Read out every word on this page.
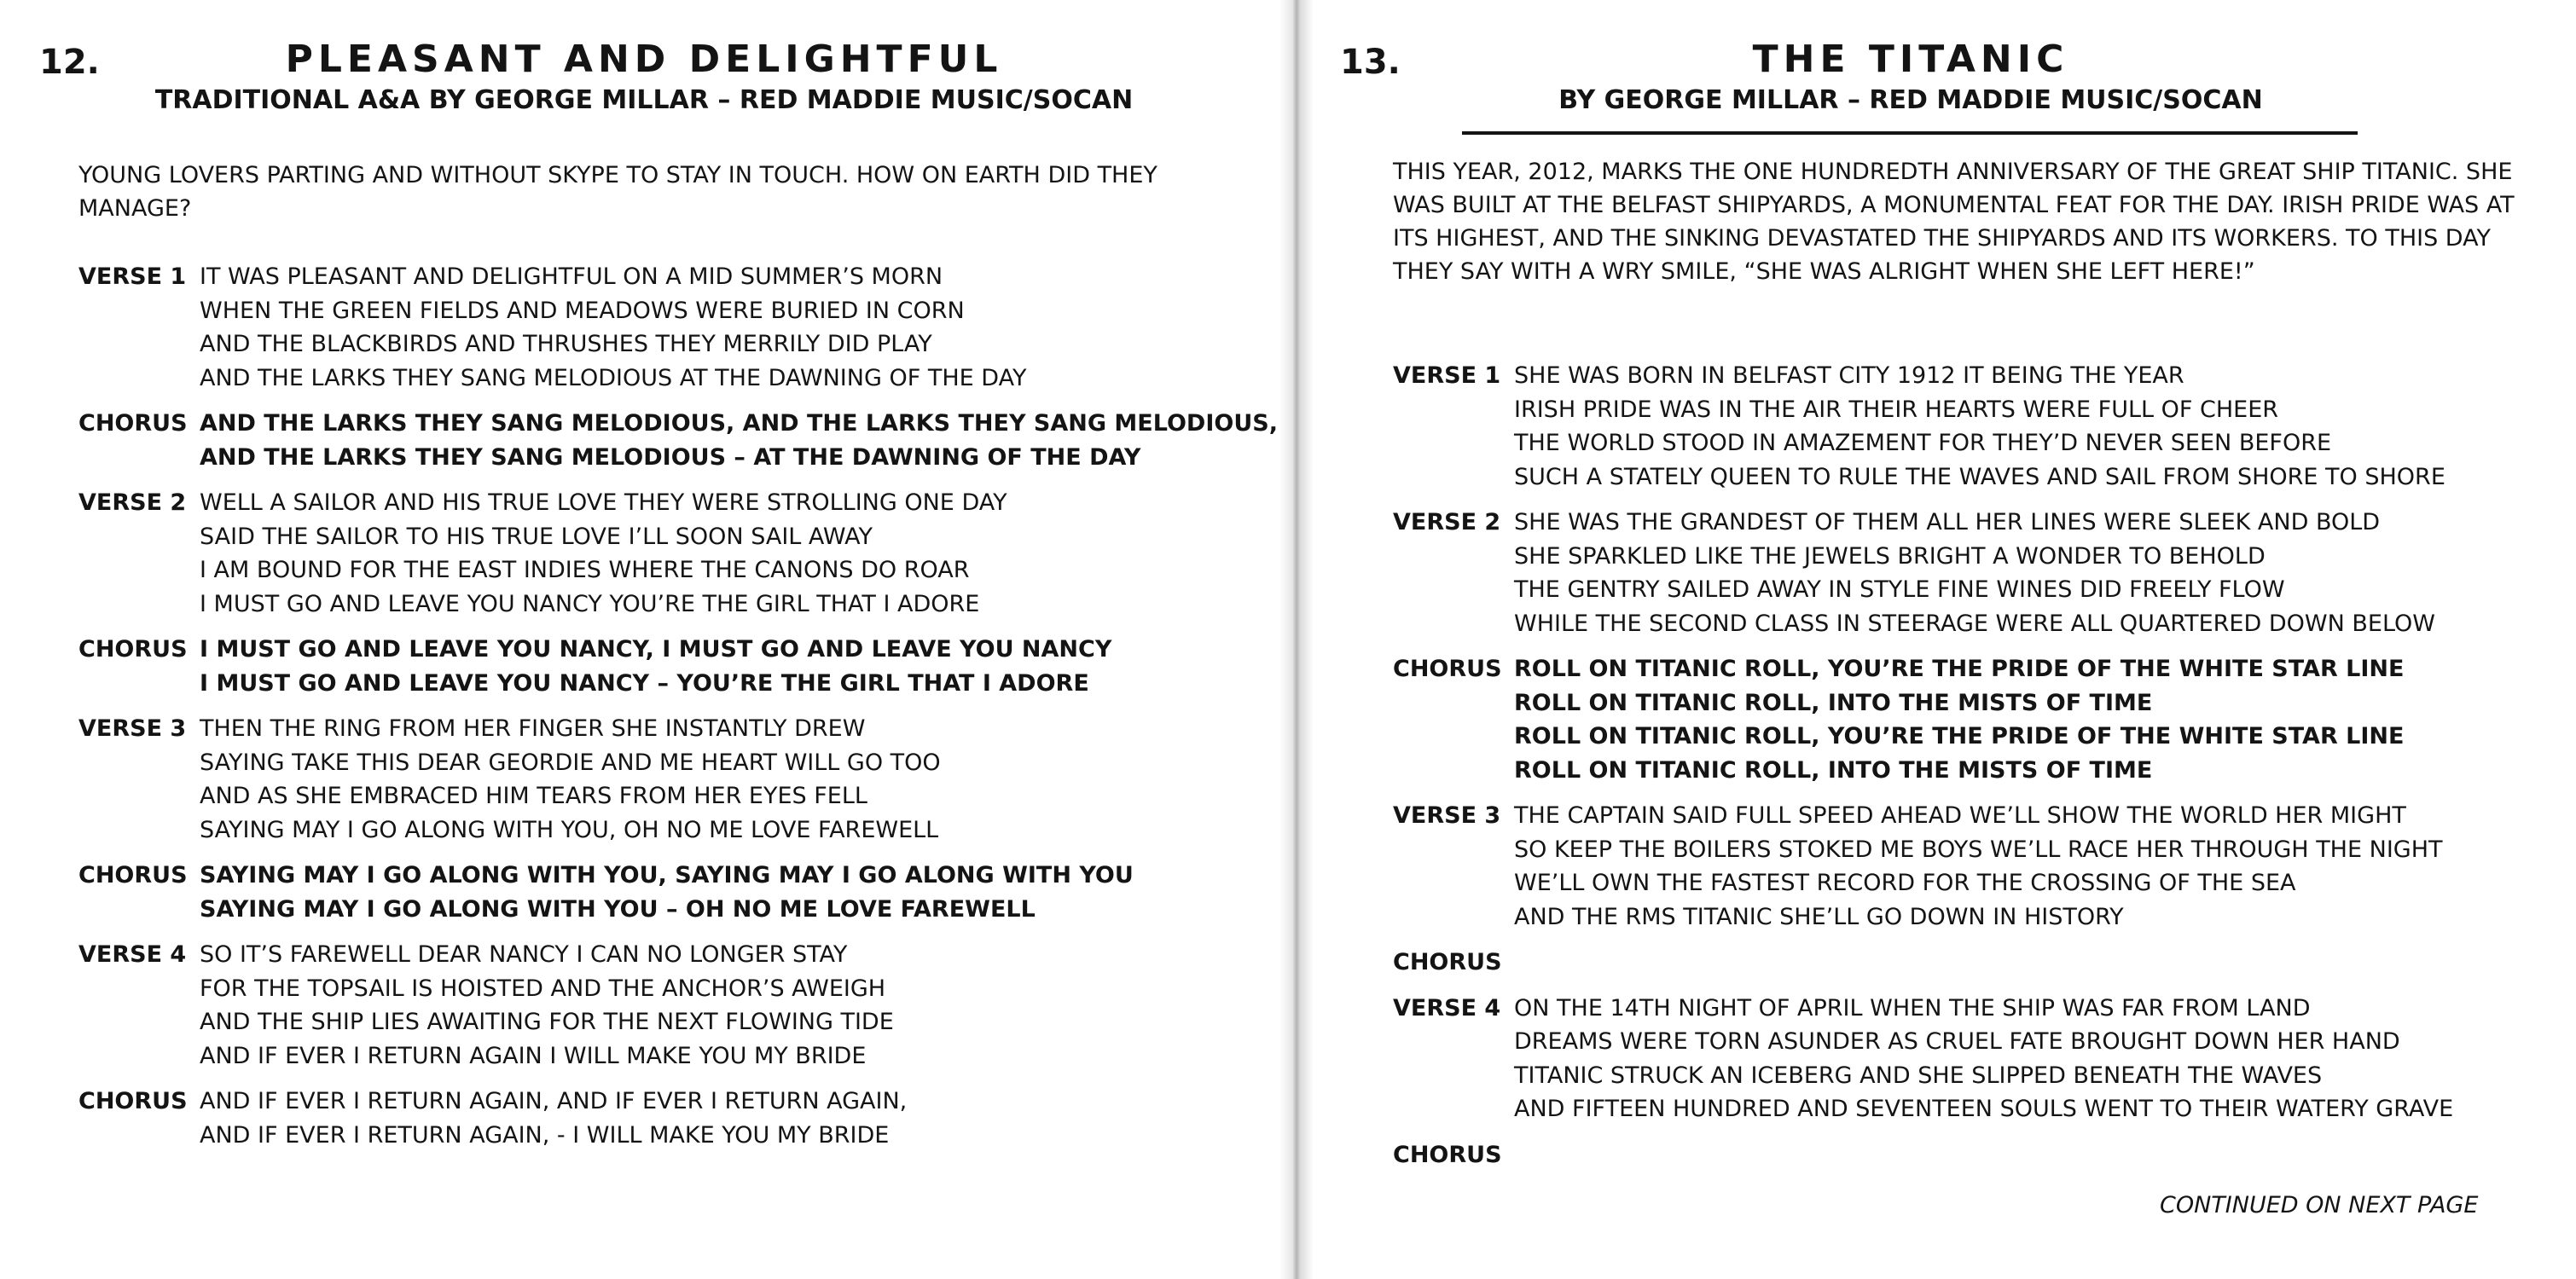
12.	PLEASANT AND DELIGHTFUL
TRADITIONAL A&A BY GEORGE MILLAR – RED MADDIE MUSIC/SOCAN

YOUNG LOVERS PARTING AND WITHOUT SKYPE TO STAY IN TOUCH. HOW ON EARTH DID THEY MANAGE?

VERSE 1 IT WAS PLEASANT AND DELIGHTFUL ON A MID SUMMER’S MORN
WHEN THE GREEN FIELDS AND MEADOWS WERE BURIED IN CORN
AND THE BLACKBIRDS AND THRUSHES THEY MERRILY DID PLAY
AND THE LARKS THEY SANG MELODIOUS AT THE DAWNING OF THE DAY
CHORUS AND THE LARKS THEY SANG MELODIOUS, AND THE LARKS THEY SANG MELODIOUS,
AND THE LARKS THEY SANG MELODIOUS – AT THE DAWNING OF THE DAY
VERSE 2 WELL A SAILOR AND HIS TRUE LOVE THEY WERE STROLLING ONE DAY
SAID THE SAILOR TO HIS TRUE LOVE I’LL SOON SAIL AWAY
I AM BOUND FOR THE EAST INDIES WHERE THE CANONS DO ROAR
I MUST GO AND LEAVE YOU NANCY YOU’RE THE GIRL THAT I ADORE
CHORUS I MUST GO AND LEAVE YOU NANCY, I MUST GO AND LEAVE YOU NANCY
I MUST GO AND LEAVE YOU NANCY – YOU’RE THE GIRL THAT I ADORE
VERSE 3 THEN THE RING FROM HER FINGER SHE INSTANTLY DREW
SAYING TAKE THIS DEAR GEORDIE AND ME HEART WILL GO TOO
AND AS SHE EMBRACED HIM TEARS FROM HER EYES FELL
SAYING MAY I GO ALONG WITH YOU, OH NO ME LOVE FAREWELL
CHORUS SAYING MAY I GO ALONG WITH YOU, SAYING MAY I GO ALONG WITH YOU
SAYING MAY I GO ALONG WITH YOU – OH NO ME LOVE FAREWELL
VERSE 4 SO IT’S FAREWELL DEAR NANCY I CAN NO LONGER STAY
FOR THE TOPSAIL IS HOISTED AND THE ANCHOR’S AWEIGH
AND THE SHIP LIES AWAITING FOR THE NEXT FLOWING TIDE
AND IF EVER I RETURN AGAIN I WILL MAKE YOU MY BRIDE
CHORUS AND IF EVER I RETURN AGAIN, AND IF EVER I RETURN AGAIN,
AND IF EVER I RETURN AGAIN, - I WILL MAKE YOU MY BRIDE
13.	THE TITANIC
BY GEORGE MILLAR – RED MADDIE MUSIC/SOCAN

THIS YEAR, 2012, MARKS THE ONE HUNDREDTH ANNIVERSARY OF THE GREAT SHIP TITANIC. SHE WAS BUILT AT THE BELFAST SHIPYARDS, A MONUMENTAL FEAT FOR THE DAY. IRISH PRIDE WAS AT ITS HIGHEST, AND THE SINKING DEVASTATED THE SHIPYARDS AND ITS WORKERS. TO THIS DAY THEY SAY WITH A WRY SMILE, “SHE WAS ALRIGHT WHEN SHE LEFT HERE!”

VERSE 1 SHE WAS BORN IN BELFAST CITY 1912 IT BEING THE YEAR
IRISH PRIDE WAS IN THE AIR THEIR HEARTS WERE FULL OF CHEER
THE WORLD STOOD IN AMAZEMENT FOR THEY’D NEVER SEEN BEFORE
SUCH A STATELY QUEEN TO RULE THE WAVES AND SAIL FROM SHORE TO SHORE
VERSE 2 SHE WAS THE GRANDEST OF THEM ALL HER LINES WERE SLEEK AND BOLD
SHE SPARKLED LIKE THE JEWELS BRIGHT A WONDER TO BEHOLD
THE GENTRY SAILED AWAY IN STYLE FINE WINES DID FREELY FLOW
WHILE THE SECOND CLASS IN STEERAGE WERE ALL QUARTERED DOWN BELOW
CHORUS ROLL ON TITANIC ROLL, YOU’RE THE PRIDE OF THE WHITE STAR LINE
ROLL ON TITANIC ROLL, INTO THE MISTS OF TIME
ROLL ON TITANIC ROLL, YOU’RE THE PRIDE OF THE WHITE STAR LINE
ROLL ON TITANIC ROLL, INTO THE MISTS OF TIME
VERSE 3 THE CAPTAIN SAID FULL SPEED AHEAD WE’LL SHOW THE WORLD HER MIGHT
SO KEEP THE BOILERS STOKED ME BOYS WE’LL RACE HER THROUGH THE NIGHT
WE’LL OWN THE FASTEST RECORD FOR THE CROSSING OF THE SEA
AND THE RMS TITANIC SHE’LL GO DOWN IN HISTORY
CHORUS
VERSE 4 ON THE 14TH NIGHT OF APRIL WHEN THE SHIP WAS FAR FROM LAND
DREAMS WERE TORN ASUNDER AS CRUEL FATE BROUGHT DOWN HER HAND
TITANIC STRUCK AN ICEBERG AND SHE SLIPPED BENEATH THE WAVES
AND FIFTEEN HUNDRED AND SEVENTEEN SOULS WENT TO THEIR WATERY GRAVE
CHORUS
CONTINUED ON NEXT PAGE
